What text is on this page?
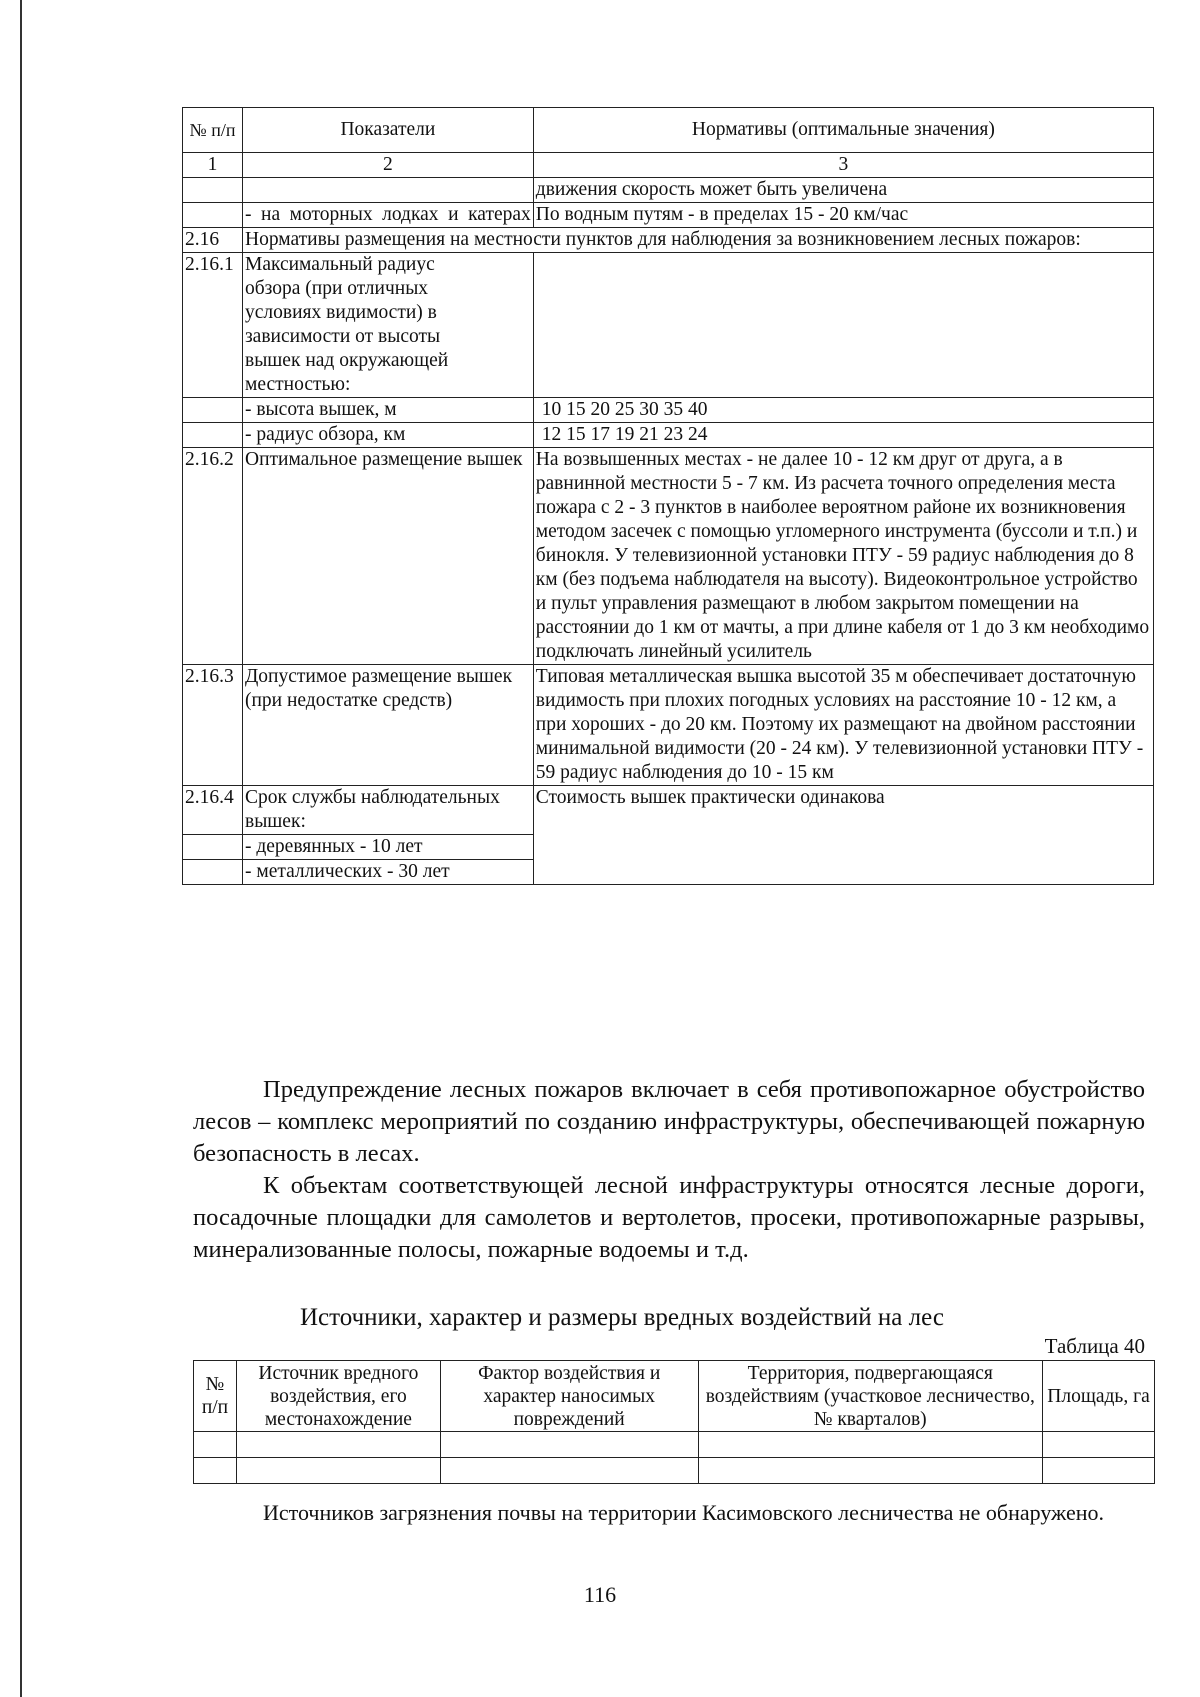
№ п/п	Показатели	Нормативы (оптимальные значения)
1	2	3
		движения скорость может быть увеличена
	- на моторных лодках и катерах	По водным путям - в пределах 15 - 20 км/час
2.16	Нормативы размещения на местности пунктов для наблюдения за возникновением лесных пожаров:	
2.16.1	Максимальный радиус обзора (при отличных условиях видимости) в зависимости от высоты вышек над окружающей местностью:	
	- высота вышек, м	10 15 20 25 30 35 40
	- радиус обзора, км	12 15 17 19 21 23 24
2.16.2	Оптимальное размещение вышек	На возвышенных местах - не далее 10 - 12 км друг от друга, а в равнинной местности 5 - 7 км. Из расчета точного определения места пожара с 2 - 3 пунктов в наиболее вероятном районе их возникновения методом засечек с помощью угломерного инструмента (буссоли и т.п.) и бинокля. У телевизионной установки ПТУ - 59 радиус наблюдения до 8 км (без подъема наблюдателя на высоту). Видеоконтрольное устройство и пульт управления размещают в любом закрытом помещении на расстоянии до 1 км от мачты, а при длине кабеля от 1 до 3 км необходимо подключать линейный усилитель
2.16.3	Допустимое размещение вышек (при недостатке средств)	Типовая металлическая вышка высотой 35 м обеспечивает достаточную видимость при плохих погодных условиях на расстояние 10 - 12 км, а при хороших - до 20 км. Поэтому их размещают на двойном расстоянии минимальной видимости (20 - 24 км). У телевизионной установки ПТУ - 59 радиус наблюдения до 10 - 15 км
2.16.4	Срок службы наблюдательных вышек:	Стоимость вышек практически одинакова
	- деревянных - 10 лет	
	- металлических - 30 лет	

Предупреждение лесных пожаров включает в себя противопожарное обустройство лесов – комплекс мероприятий по созданию инфраструктуры, обеспечивающей пожарную безопасность в лесах.

К объектам соответствующей лесной инфраструктуры относятся лесные дороги, посадочные площадки для самолетов и вертолетов, просеки, противопожарные разрывы, минерализованные полосы, пожарные водоемы и т.д.

Источники, характер и размеры вредных воздействий на лес
Таблица 40
№ п/п	Источник вредного воздействия, его местонахождение	Фактор воздействия и характер наносимых повреждений	Территория, подвергающаяся воздействиям (участковое лесничество, № кварталов)	Площадь, га

Источников загрязнения почвы на территории Касимовского лесничества не обнаружено.

116
